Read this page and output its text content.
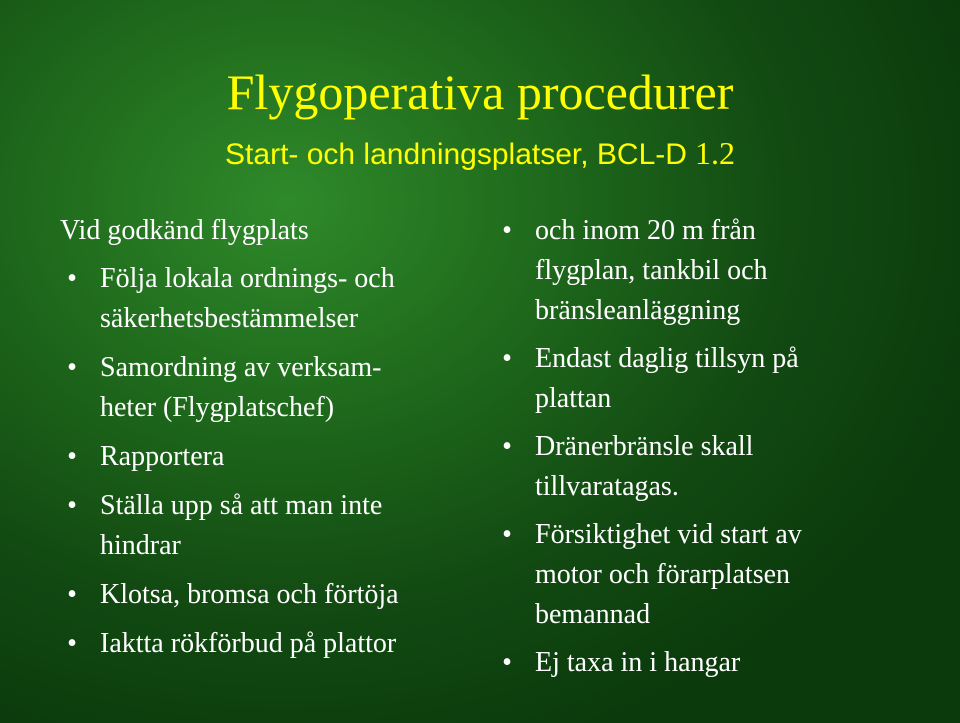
Flygoperativa procedurer
Start- och landningsplatser, BCL-D 1.2
Vid godkänd flygplats
• Följa lokala ordnings- och
säkerhetsbestämmelser
• Samordning av verksam-
heter (Flygplatschef)
• Rapportera
• Ställa upp så att man inte
hindrar
• Klotsa, bromsa och förtöja
• Iaktta rökförbud på plattor
• och inom 20 m från
flygplan, tankbil och
bränsleanläggning
• Endast daglig tillsyn på
plattan
• Dränerbränsle skall
tillvaratagas.
• Försiktighet vid start av
motor och förarplatsen
bemannad
• Ej taxa in i hangar
